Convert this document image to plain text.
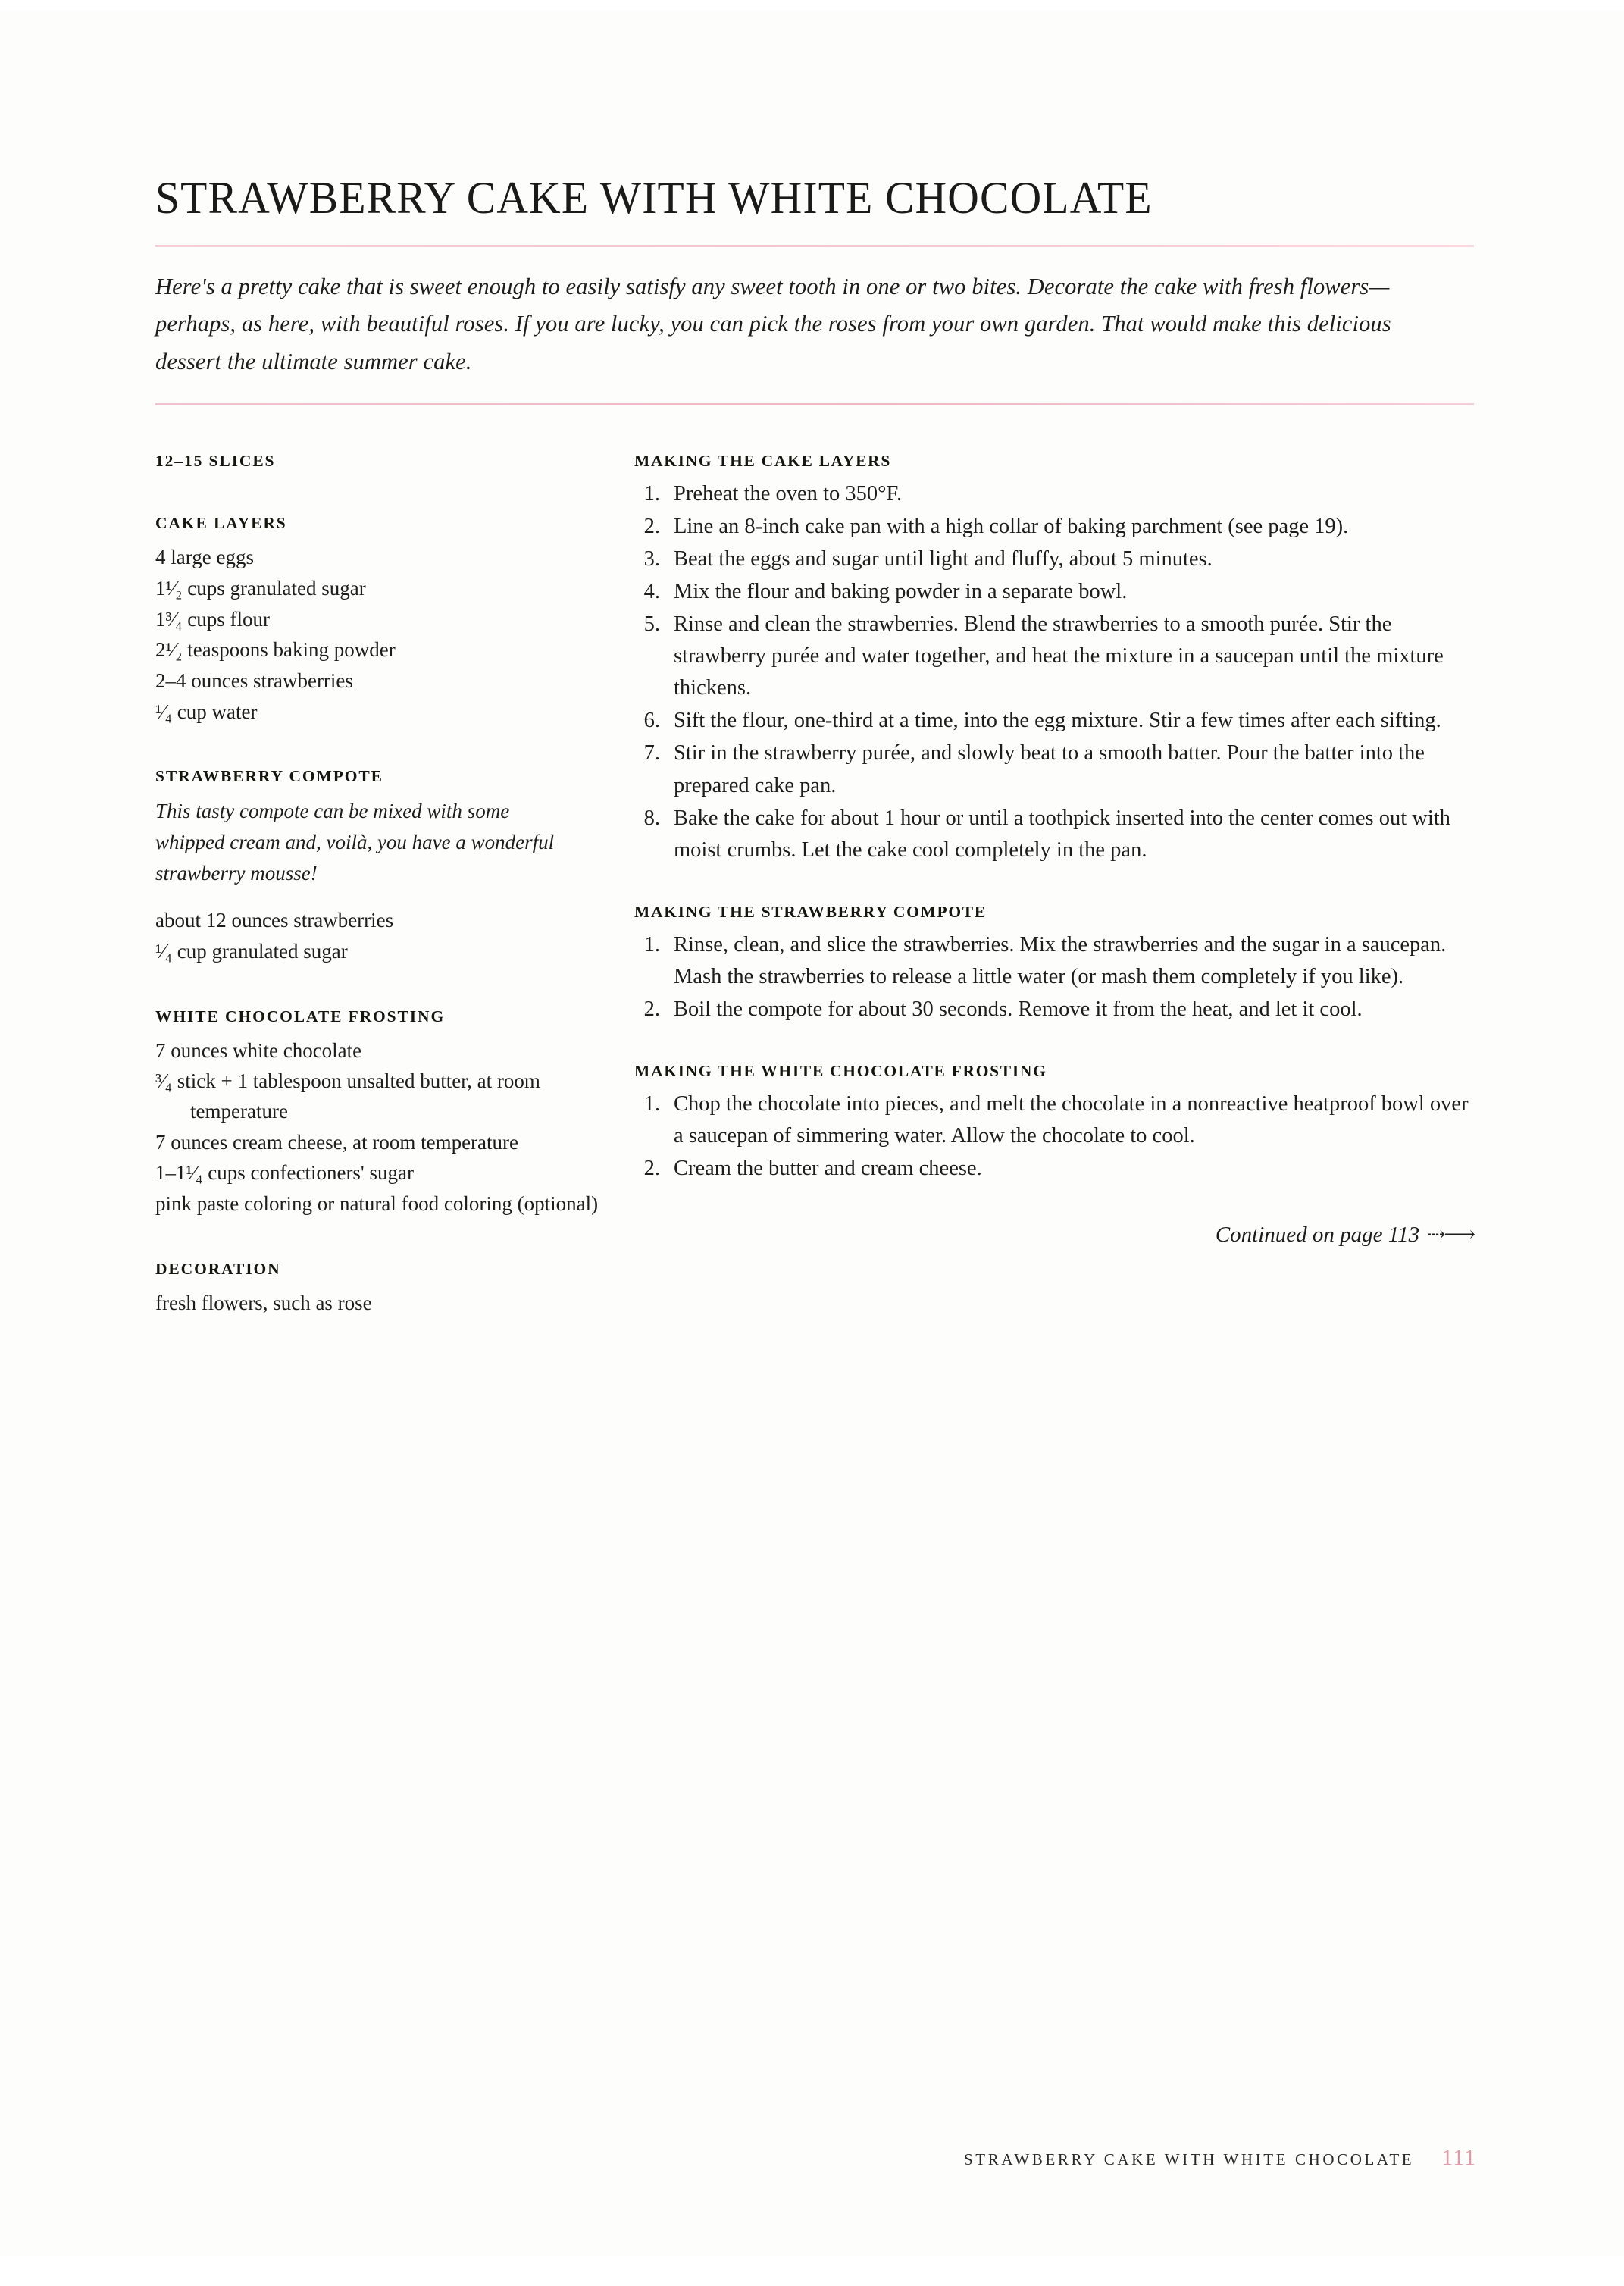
STRAWBERRY CAKE WITH WHITE CHOCOLATE

Here's a pretty cake that is sweet enough to easily satisfy any sweet tooth in one or two bites. Decorate the cake with fresh flowers—perhaps, as here, with beautiful roses. If you are lucky, you can pick the roses from your own garden. That would make this delicious dessert the ultimate summer cake.

12–15 SLICES
CAKE LAYERS
4 large eggs
1¹⁄₂ cups granulated sugar
1³⁄₄ cups flour
2¹⁄₂ teaspoons baking powder
2–4 ounces strawberries
¹⁄₄ cup water
STRAWBERRY COMPOTE

This tasty compote can be mixed with some whipped cream and, voilà, you have a wonderful strawberry mousse!

about 12 ounces strawberries
¹⁄₄ cup granulated sugar
WHITE CHOCOLATE FROSTING
7 ounces white chocolate
³⁄₄ stick + 1 tablespoon unsalted butter, at room temperature
7 ounces cream cheese, at room temperature
1–1¹⁄₄ cups confectioners' sugar
pink paste coloring or natural food coloring (optional)
DECORATION
fresh flowers, such as rose
MAKING THE CAKE LAYERS
1. Preheat the oven to 350°F.
2. Line an 8-inch cake pan with a high collar of baking parchment (see page 19).
3. Beat the eggs and sugar until light and fluffy, about 5 minutes.
4. Mix the flour and baking powder in a separate bowl.
5. Rinse and clean the strawberries. Blend the strawberries to a smooth purée. Stir the strawberry purée and water together, and heat the mixture in a saucepan until the mixture thickens.
6. Sift the flour, one-third at a time, into the egg mixture. Stir a few times after each sifting.
7. Stir in the strawberry purée, and slowly beat to a smooth batter. Pour the batter into the prepared cake pan.
8. Bake the cake for about 1 hour or until a toothpick inserted into the center comes out with moist crumbs. Let the cake cool completely in the pan.
MAKING THE STRAWBERRY COMPOTE
1. Rinse, clean, and slice the strawberries. Mix the strawberries and the sugar in a saucepan. Mash the strawberries to release a little water (or mash them completely if you like).
2. Boil the compote for about 30 seconds. Remove it from the heat, and let it cool.
MAKING THE WHITE CHOCOLATE FROSTING
1. Chop the chocolate into pieces, and melt the chocolate in a nonreactive heatproof bowl over a saucepan of simmering water. Allow the chocolate to cool.
2. Cream the butter and cream cheese.
Continued on page 113 ⇢⟶
STRAWBERRY CAKE WITH WHITE CHOCOLATE 111
